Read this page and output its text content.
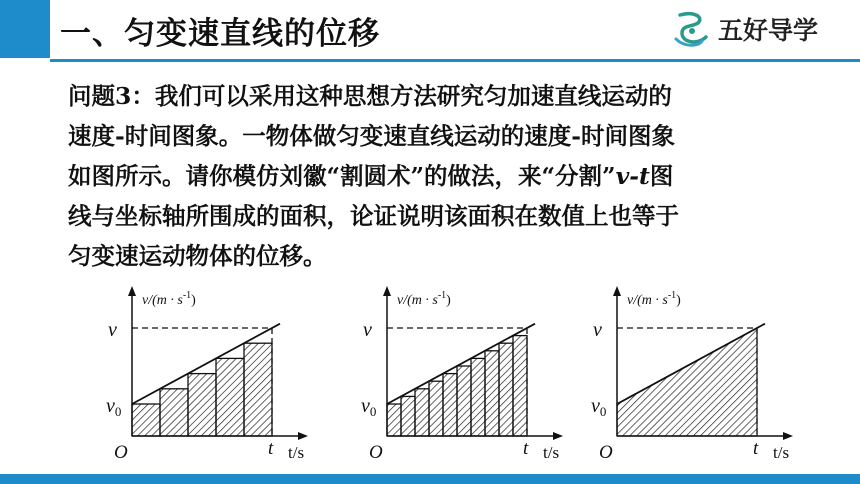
一、匀变速直线的位移	五好导学
问题3：我们可以采用这种思想方法研究匀加速直线运动的
速度-时间图象。一物体做匀变速直线运动的速度-时间图象
如图所示。请你模仿刘徽“割圆术”的做法，来“分割”v-t图
线与坐标轴所围成的面积，论证说明该面积在数值上也等于
匀变速运动物体的位移。
$v/(m \cdot s^{-1})$
v
$v_0$
O	t t/s
$v/(m \cdot s^{-1})$
v
$v_0$
O	t t/s
$v/(m \cdot s^{-1})$
v
$v_0$
O	t t/s
